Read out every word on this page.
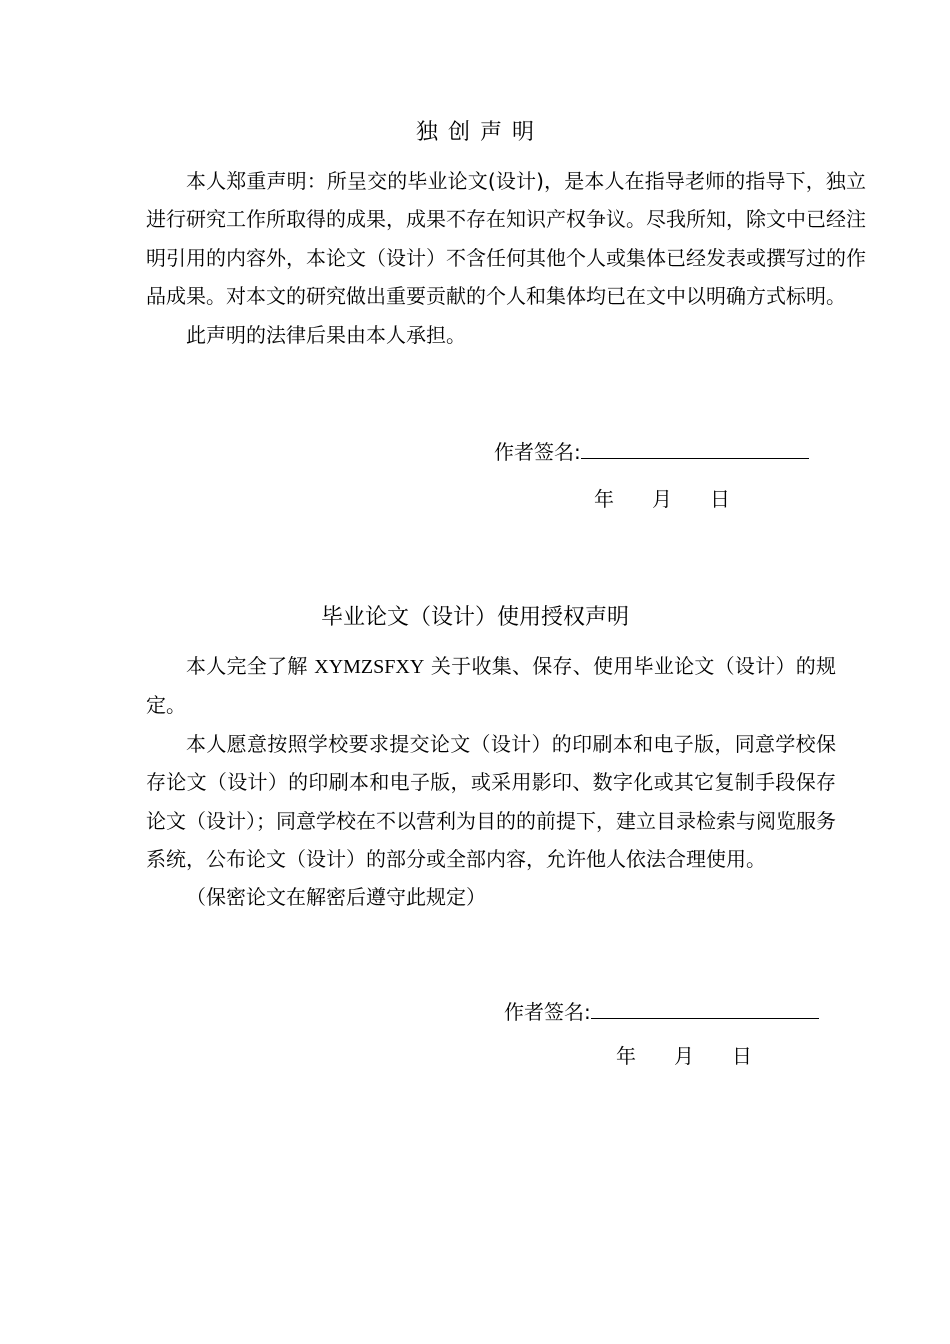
独创声明

本人郑重声明：所呈交的毕业论文(设计)，是本人在指导老师的指导下，独立进行研究工作所取得的成果，成果不存在知识产权争议。尽我所知，除文中已经注明引用的内容外，本论文（设计）不含任何其他个人或集体已经发表或撰写过的作品成果。对本文的研究做出重要贡献的个人和集体均已在文中以明确方式标明。

此声明的法律后果由本人承担。

作者签名:
年 月 日
毕业论文（设计）使用授权声明

本人完全了解 XYMZSFXY 关于收集、保存、使用毕业论文（设计）的规定。

本人愿意按照学校要求提交论文（设计）的印刷本和电子版，同意学校保存论文（设计）的印刷本和电子版，或采用影印、数字化或其它复制手段保存论文（设计）；同意学校在不以营利为目的的前提下，建立目录检索与阅览服务系统，公布论文（设计）的部分或全部内容，允许他人依法合理使用。

（保密论文在解密后遵守此规定）

作者签名:
年 月 日
